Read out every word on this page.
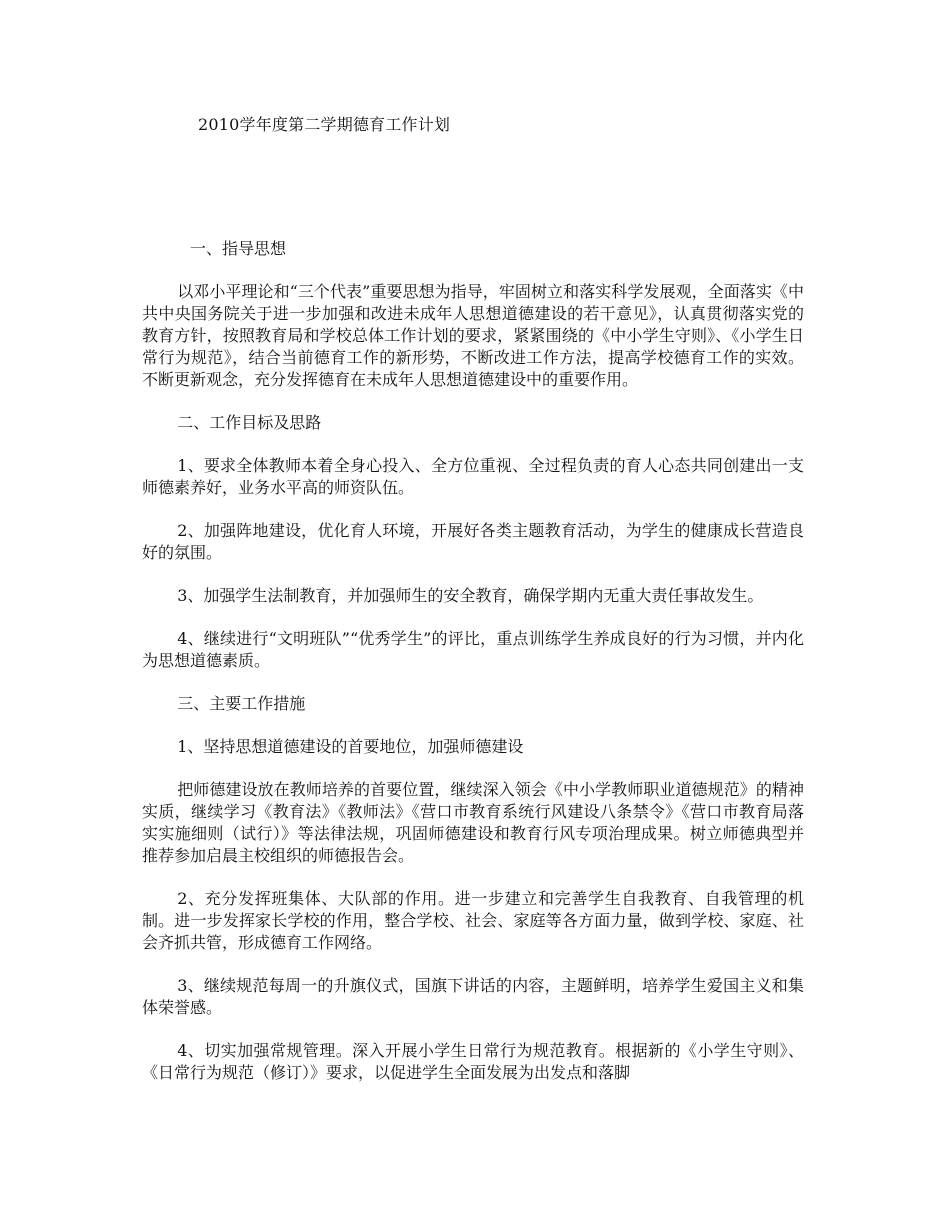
2010学年度第二学期德育工作计划

一、指导思想

以邓小平理论和“三个代表”重要思想为指导，牢固树立和落实科学发展观，全面落实《中共中央国务院关于进一步加强和改进未成年人思想道德建设的若干意见》，认真贯彻落实党的教育方针，按照教育局和学校总体工作计划的要求，紧紧围绕的《中小学生守则》、《小学生日常行为规范》，结合当前德育工作的新形势，不断改进工作方法，提高学校德育工作的实效。不断更新观念，充分发挥德育在未成年人思想道德建设中的重要作用。

二、工作目标及思路

1、要求全体教师本着全身心投入、全方位重视、全过程负责的育人心态共同创建出一支师德素养好，业务水平高的师资队伍。

2、加强阵地建设，优化育人环境，开展好各类主题教育活动，为学生的健康成长营造良好的氛围。

3、加强学生法制教育，并加强师生的安全教育，确保学期内无重大责任事故发生。

4、继续进行“文明班队”“优秀学生”的评比，重点训练学生养成良好的行为习惯，并内化为思想道德素质。

三、主要工作措施

1、坚持思想道德建设的首要地位，加强师德建设

把师德建设放在教师培养的首要位置，继续深入领会《中小学教师职业道德规范》的精神实质，继续学习《教育法》《教师法》《营口市教育系统行风建设八条禁令》《营口市教育局落实实施细则（试行）》等法律法规，巩固师德建设和教育行风专项治理成果。树立师德典型并推荐参加启晨主校组织的师德报告会。

2、充分发挥班集体、大队部的作用。进一步建立和完善学生自我教育、自我管理的机制。进一步发挥家长学校的作用，整合学校、社会、家庭等各方面力量，做到学校、家庭、社会齐抓共管，形成德育工作网络。

3、继续规范每周一的升旗仪式，国旗下讲话的内容，主题鲜明，培养学生爱国主义和集体荣誉感。

4、切实加强常规管理。深入开展小学生日常行为规范教育。根据新的《小学生守则》、《日常行为规范（修订）》要求，以促进学生全面发展为出发点和落脚
